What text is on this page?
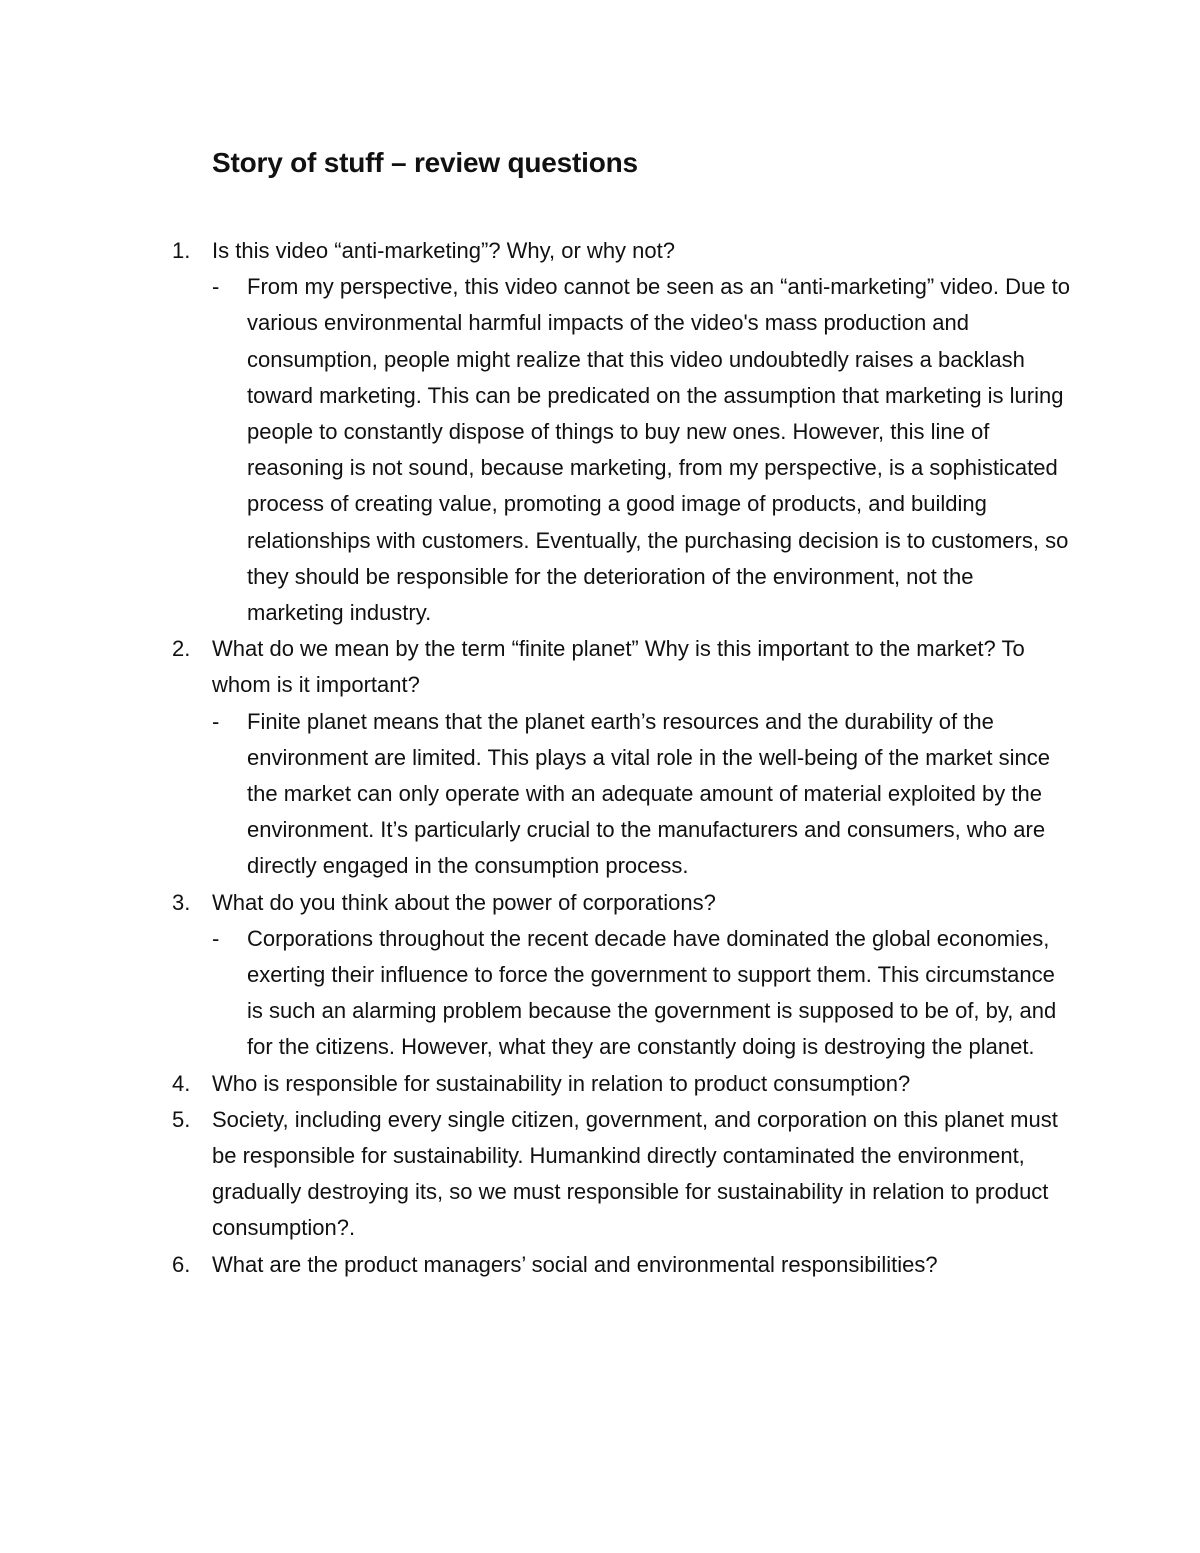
Story of stuff – review questions
1. Is this video “anti-marketing”? Why, or why not?
- From my perspective, this video cannot be seen as an “anti-marketing” video. Due to various environmental harmful impacts of the video's mass production and consumption, people might realize that this video undoubtedly raises a backlash toward marketing. This can be predicated on the assumption that marketing is luring people to constantly dispose of things to buy new ones. However, this line of reasoning is not sound, because marketing, from my perspective, is a sophisticated process of creating value, promoting a good image of products, and building relationships with customers. Eventually, the purchasing decision is to customers, so they should be responsible for the deterioration of the environment, not the marketing industry.
2. What do we mean by the term “finite planet” Why is this important to the market? To whom is it important?
- Finite planet means that the planet earth’s resources and the durability of the environment are limited. This plays a vital role in the well-being of the market since the market can only operate with an adequate amount of material exploited by the environment. It’s particularly crucial to the manufacturers and consumers, who are directly engaged in the consumption process.
3. What do you think about the power of corporations?
- Corporations throughout the recent decade have dominated the global economies, exerting their influence to force the government to support them. This circumstance is such an alarming problem because the government is supposed to be of, by, and for the citizens. However, what they are constantly doing is destroying the planet.
4. Who is responsible for sustainability in relation to product consumption?
5. Society, including every single citizen, government, and corporation on this planet must be responsible for sustainability. Humankind directly contaminated the environment, gradually destroying its, so we must responsible for sustainability in relation to product consumption?.
6. What are the product managers’ social and environmental responsibilities?
